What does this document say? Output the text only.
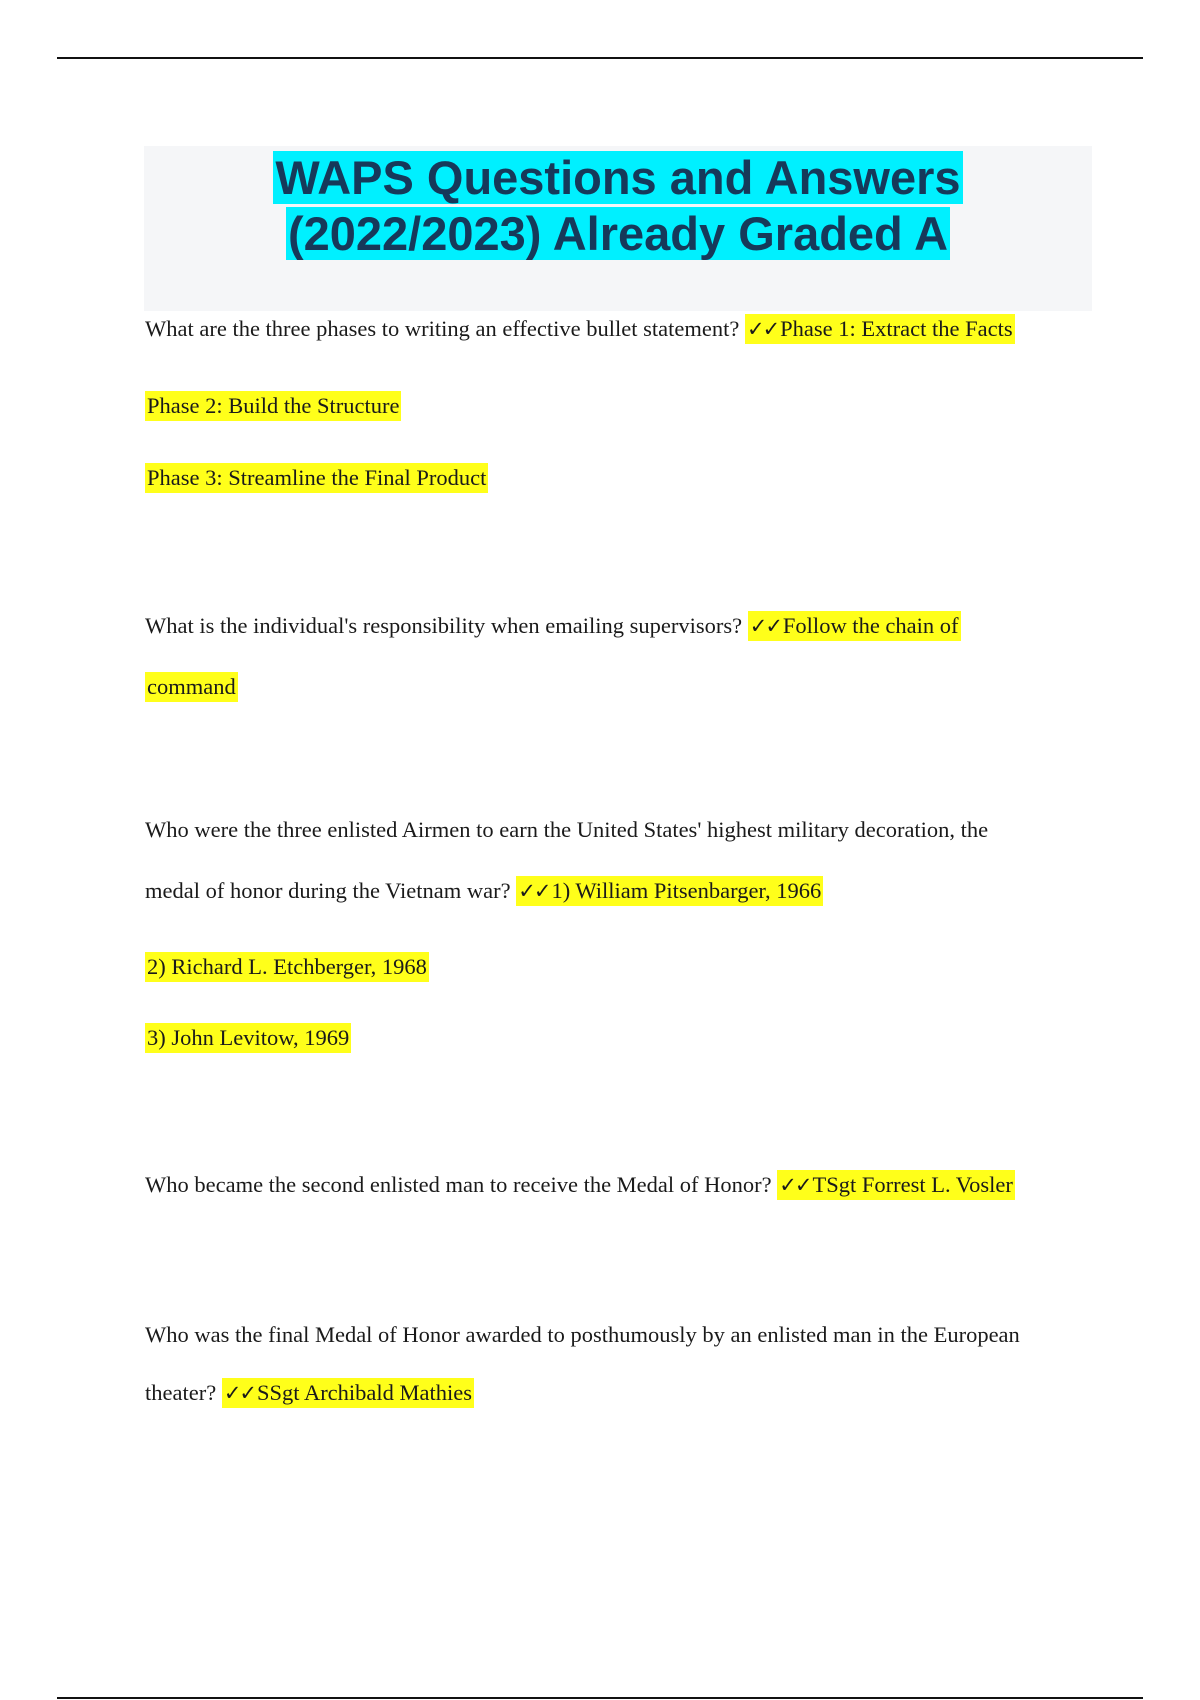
WAPS Questions and Answers
(2022/2023) Already Graded A
What are the three phases to writing an effective bullet statement? ✓✓Phase 1: Extract the Facts
Phase 2: Build the Structure
Phase 3: Streamline the Final Product
What is the individual's responsibility when emailing supervisors? ✓✓Follow the chain of
command
Who were the three enlisted Airmen to earn the United States' highest military decoration, the
medal of honor during the Vietnam war? ✓✓1) William Pitsenbarger, 1966
2) Richard L. Etchberger, 1968
3) John Levitow, 1969
Who became the second enlisted man to receive the Medal of Honor? ✓✓TSgt Forrest L. Vosler
Who was the final Medal of Honor awarded to posthumously by an enlisted man in the European
theater? ✓✓SSgt Archibald Mathies
